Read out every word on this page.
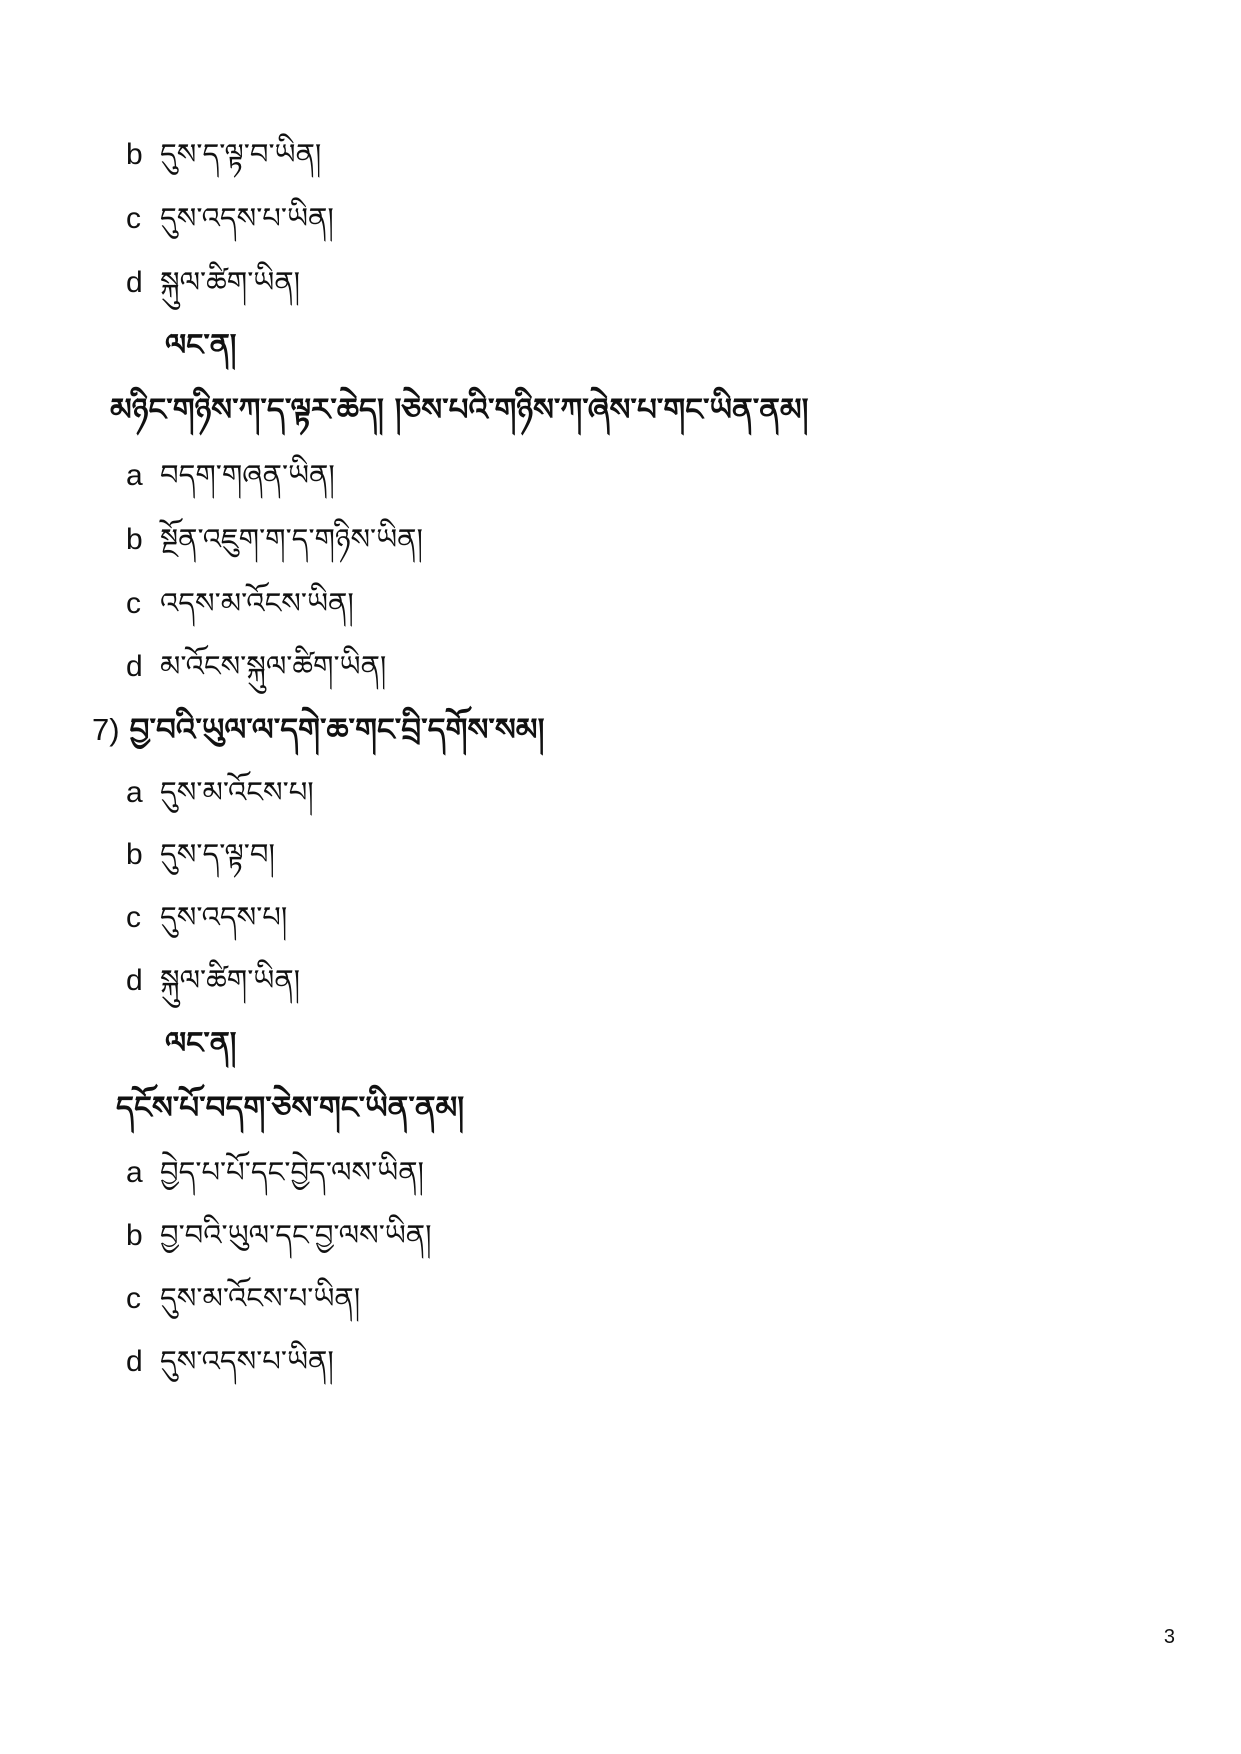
b དུས་ད་ལྟ་བ་ཡིན།
c དུས་འདས་པ་ཡིན།
d སྐུལ་ཚིག་ཡིན།
ལང་ན།
མཉིང་གཉིས་ཀ་ད་ལྟར་ཆེད། །ཅེས་པའི་གཉིས་ཀ་ཞེས་པ་གང་ཡིན་ནམ།
a བདག་གཞན་ཡིན།
b སྔོན་འཇུག་ག་ད་གཉིས་ཡིན།
c འདས་མ་འོངས་ཡིན།
d མ་འོངས་སྐུལ་ཚིག་ཡིན།
7) བྱ་བའི་ཡུལ་ལ་དགེ་ཆ་གང་བྲི་དགོས་སམ།
a དུས་མ་འོངས་པ།
b དུས་ད་ལྟ་བ།
c དུས་འདས་པ།
d སྐུལ་ཚིག་ཡིན།
ལང་ན།
དངོས་པོ་བདག་ཅེས་གང་ཡིན་ནམ།
a བྱེད་པ་པོ་དང་བྱེད་ལས་ཡིན།
b བྱ་བའི་ཡུལ་དང་བྱ་ལས་ཡིན།
c དུས་མ་འོངས་པ་ཡིན།
d དུས་འདས་པ་ཡིན།
3
